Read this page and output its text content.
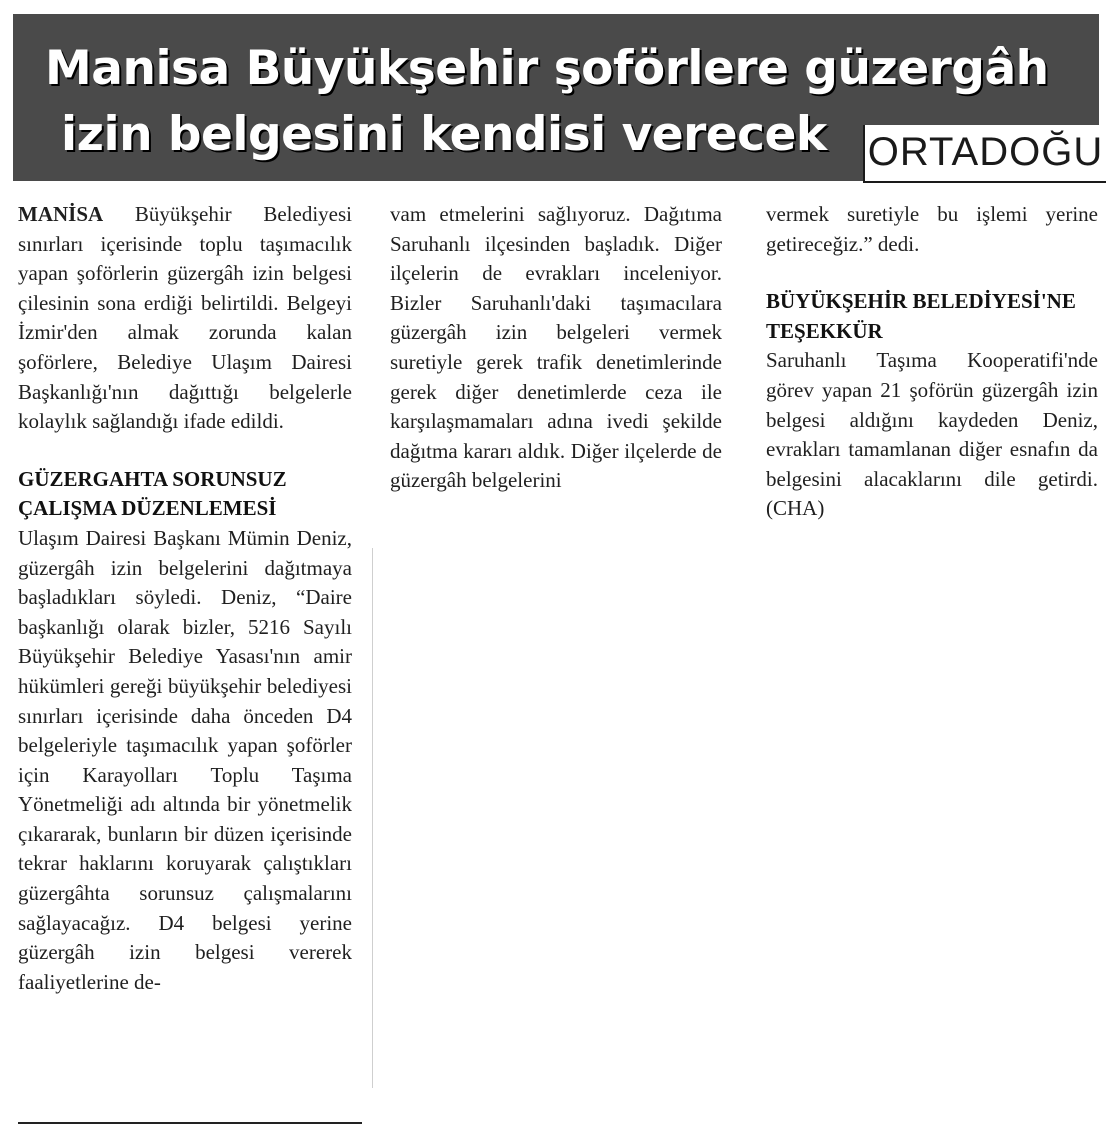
Manisa Büyükşehir şoförlere güzergâh
izin belgesini kendisi verecek	ORTADOĞU

MANİSA Büyükşehir Belediyesi sınırları içerisinde toplu taşımacılık yapan şoförlerin güzergâh izin belgesi çilesinin sona erdiği belirtildi. Belgeyi İzmir'den almak zorunda kalan şoförlere, Belediye Ulaşım Dairesi Başkanlığı'nın dağıttığı belgelerle kolaylık sağlandığı ifade edildi.

GÜZERGAHTA SORUNSUZ ÇALIŞMA DÜZENLEMESİ

Ulaşım Dairesi Başkanı Mümin Deniz, güzergâh izin belgelerini dağıtmaya başladıkları söyledi. Deniz, “Daire başkanlığı olarak bizler, 5216 Sayılı Büyükşehir Belediye Yasası'nın amir hükümleri gereği büyükşehir belediyesi sınırları içerisinde daha önceden D4 belgeleriyle taşımacılık yapan şoförler için Karayolları Toplu Taşıma Yönetmeliği adı altında bir yönetmelik çıkararak, bunların bir düzen içerisinde tekrar haklarını koruyarak çalıştıkları güzergâhta sorunsuz çalışmalarını sağlayacağız. D4 belgesi yerine güzergâh izin belgesi vererek faaliyetlerine de-

vam etmelerini sağlıyoruz. Dağıtıma Saruhanlı ilçesinden başladık. Diğer ilçelerin de evrakları inceleniyor. Bizler Saruhanlı'daki taşımacılara güzergâh izin belgeleri vermek suretiyle gerek trafik denetimlerinde gerek diğer denetimlerde ceza ile karşılaşmamaları adına ivedi şekilde dağıtma kararı aldık. Diğer ilçelerde de güzergâh belgelerini

vermek suretiyle bu işlemi yerine getireceğiz.” dedi.

BÜYÜKŞEHİR BELEDİYESİ'NE TEŞEKKÜR

Saruhanlı Taşıma Kooperatifi'nde görev yapan 21 şoförün güzergâh izin belgesi aldığını kaydeden Deniz, evrakları tamamlanan diğer esnafın da belgesini alacaklarını dile getirdi. (CHA)
